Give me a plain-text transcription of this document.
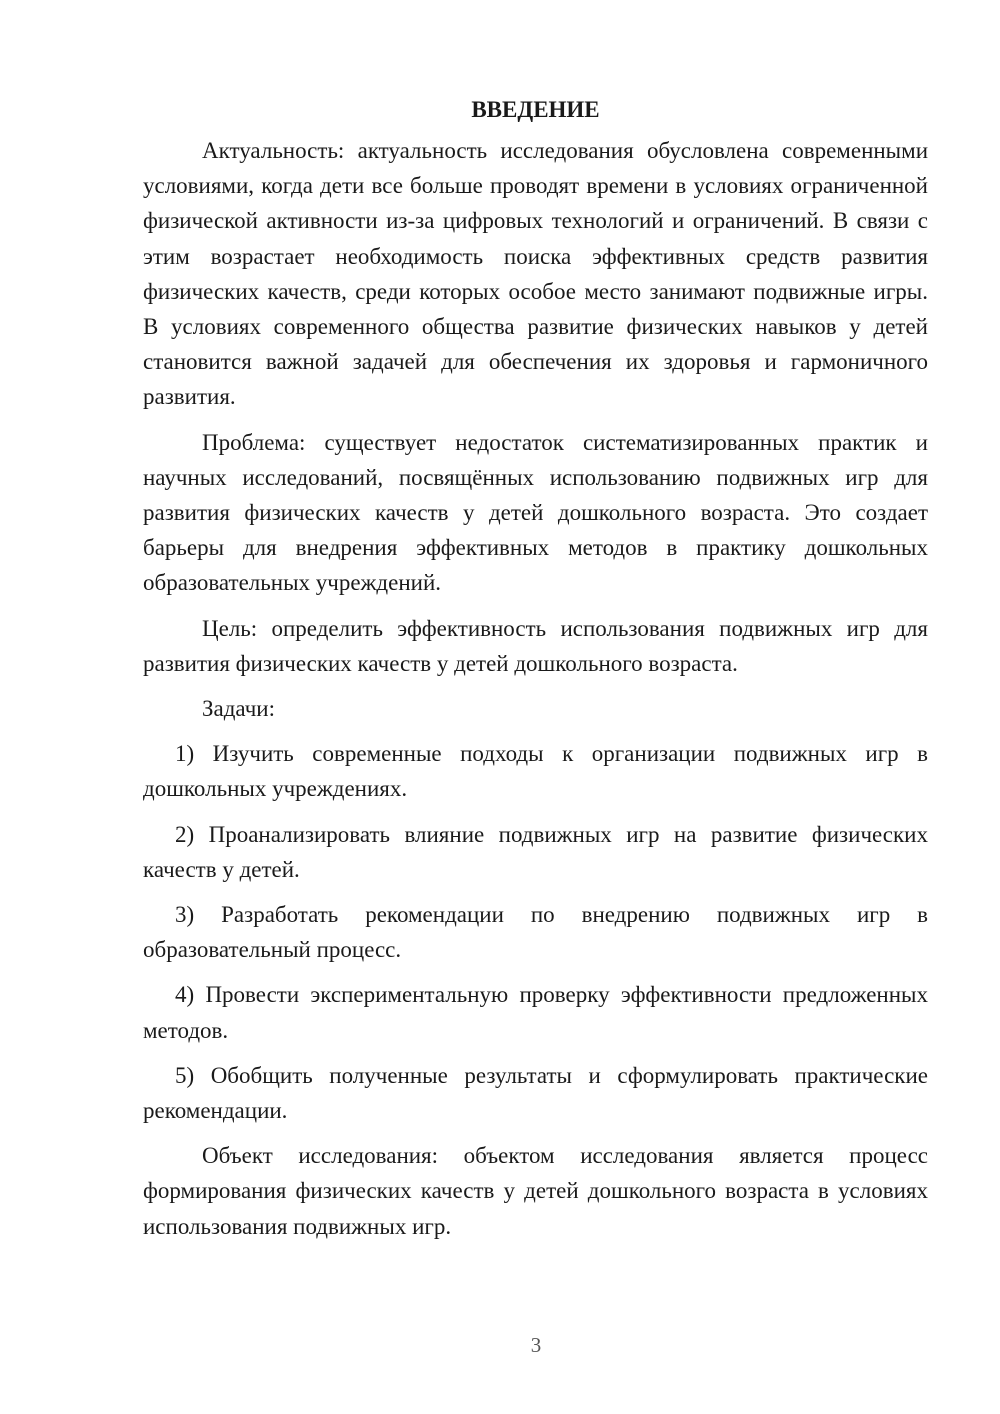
ВВЕДЕНИЕ

Актуальность: актуальность исследования обусловлена современными условиями, когда дети все больше проводят времени в условиях ограниченной физической активности из-за цифровых технологий и ограничений. В связи с этим возрастает необходимость поиска эффективных средств развития физических качеств, среди которых особое место занимают подвижные игры. В условиях современного общества развитие физических навыков у детей становится важной задачей для обеспечения их здоровья и гармоничного развития.

Проблема: существует недостаток систематизированных практик и научных исследований, посвящённых использованию подвижных игр для развития физических качеств у детей дошкольного возраста. Это создает барьеры для внедрения эффективных методов в практику дошкольных образовательных учреждений.

Цель: определить эффективность использования подвижных игр для развития физических качеств у детей дошкольного возраста.

Задачи:

1) Изучить современные подходы к организации подвижных игр в дошкольных учреждениях.

2) Проанализировать влияние подвижных игр на развитие физических качеств у детей.

3) Разработать рекомендации по внедрению подвижных игр в образовательный процесс.

4) Провести экспериментальную проверку эффективности предложенных методов.

5) Обобщить полученные результаты и сформулировать практические рекомендации.

Объект исследования: объектом исследования является процесс формирования физических качеств у детей дошкольного возраста в условиях использования подвижных игр.

3
